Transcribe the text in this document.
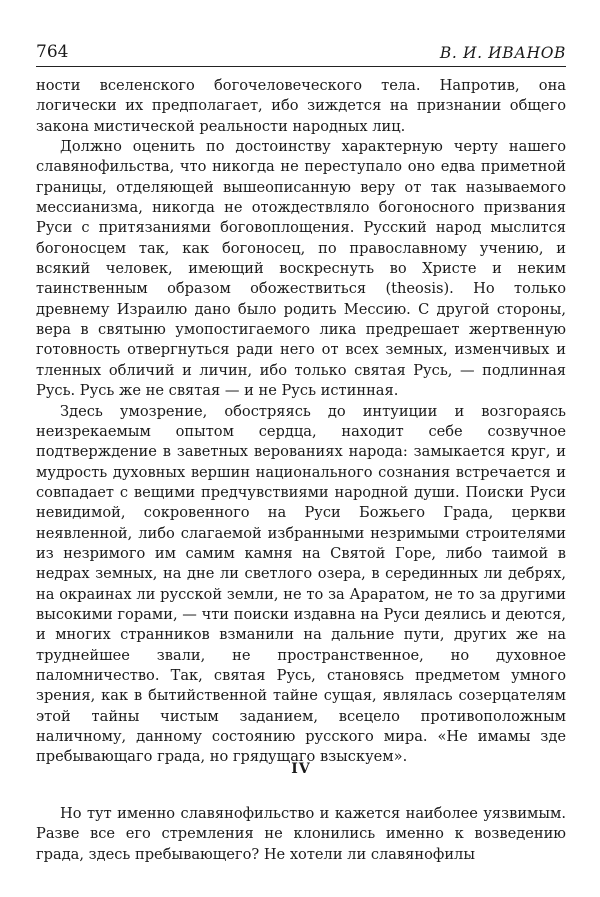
764	В. И. ИВАНОВ

ности вселенского богочеловеческого тела. Напротив, она логически их предполагает, ибо зиждется на признании общего закона мистической реальности народных лиц.

Должно оценить по достоинству характерную черту нашего славянофильства, что никогда не переступало оно едва приметной границы, отделяющей вышеописанную веру от так называемого мессианизма, никогда не отождествляло богоносного призвания Руси с притязаниями боговоплощения. Русский народ мыслится богоносцем так, как богоносец, по православному учению, и всякий человек, имеющий воскреснуть во Христе и неким таинственным образом обожествиться (theosis). Но только древнему Израилю дано было родить Мессию. С другой стороны, вера в святыню умопостигаемого лика предрешает жертвенную готовность отвергнуться ради него от всех земных, изменчивых и тленных обличий и личин, ибо только святая Русь, — подлинная Русь. Русь же не святая — и не Русь истинная.

Здесь умозрение, обостряясь до интуиции и возгораясь неизрекаемым опытом сердца, находит себе созвучное подтверждение в заветных верованиях народа: замыкается круг, и мудрость духовных вершин национального сознания встречается и совпадает с вещими предчувствиями народной души. Поиски Руси невидимой, сокровенного на Руси Божьего Града, церкви неявленной, либо слагаемой избранными незримыми строителями из незримого им самим камня на Святой Горе, либо таимой в недрах земных, на дне ли светлого озера, в серединных ли дебрях, на окраинах ли русской земли, не то за Араратом, не то за другими высокими горами, — чти поиски издавна на Руси деялись и деются, и многих странников взманили на дальние пути, других же на труднейшее звали, не пространственное, но духовное паломничество. Так, святая Русь, становясь предметом умного зрения, как в бытийственной тайне сущая, являлась созерцателям этой тайны чистым заданием, всецело противоположным наличному, данному состоянию русского мира. «Не имамы зде пребывающаго града, но грядущаго взыскуем».

IV

Но тут именно славянофильство и кажется наиболее уязвимым. Разве все его стремления не клонились именно к возведению града, здесь пребывающего? Не хотели ли славянофилы
